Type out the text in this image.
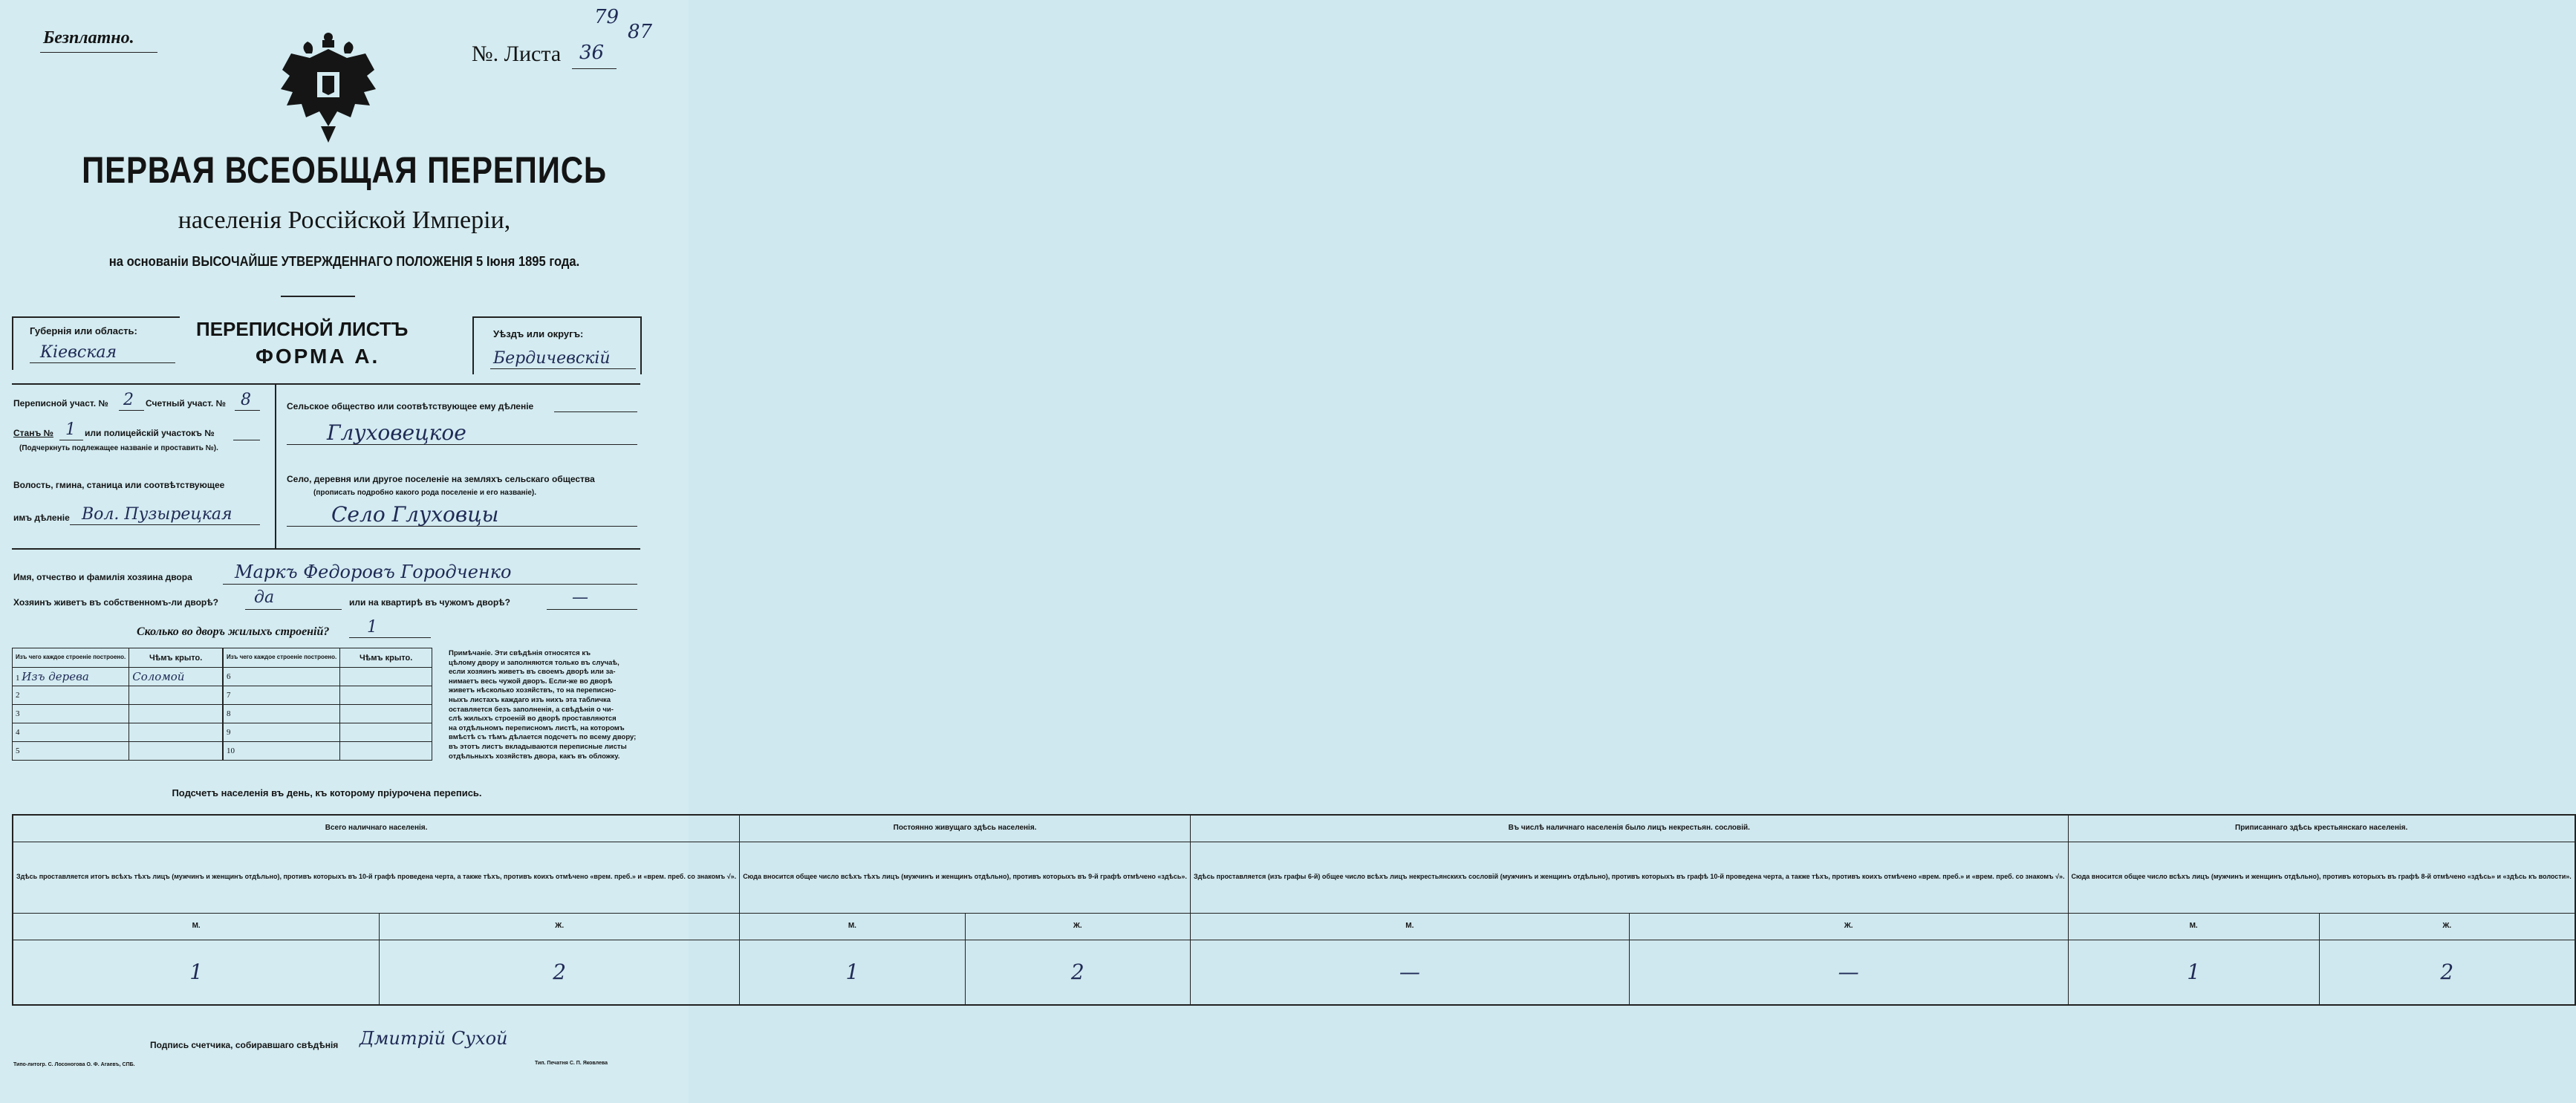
Безплатно.
№. Листа 36
79
87
ПЕРВАЯ ВСЕОБЩАЯ ПЕРЕПИСЬ
населенія Россійской Имперіи,
на основаніи ВЫСОЧАЙШЕ УТВЕРЖДЕННАГО ПОЛОЖЕНІЯ 5 Іюня 1895 года.
Губернія или область:
Кіевская
ПЕРЕПИСНОЙ ЛИСТЪ
ФОРМА А.
Уѣздъ или округъ:
Бердичевскій
Переписной участ. № 2 Счетный участ. № 8
Станъ № 1 или полицейскій участокъ №
(Подчеркнуть подлежащее названіе и проставить №).
Волость, гмина, станица или соотвѣтствующее
имъ дѣленіе Вол. Пузырецкая
Сельское общество или соотвѣтствующее ему дѣленіе
Глуховецкое
Село, деревня или другое поселеніе на земляхъ сельскаго общества
(прописать подробно какого рода поселеніе и его названіе).
Село Глуховцы
Имя, отчество и фамилія хозяина двора Маркъ Федоровъ Городченко
Хозяинъ живетъ въ собственномъ-ли дворѣ? да	или на квартирѣ въ чужомъ дворѣ?	—
Сколько во дворъ жилыхъ строеній? 1
Изъ чего каждое строеніе построено.	Чѣмъ крыто.
1 Изъ дерева	Соломой
2	
3	
4	
5	
Изъ чего каждое строеніе построено.	Чѣмъ крыто.
6	
7	
8	
9	
10	
Примѣчаніе. Эти свѣдѣнія относятся къ
цѣлому двору и заполняются только въ случаѣ,
если хозяинъ живетъ въ своемъ дворѣ или за-
нимаетъ весь чужой дворъ. Если-же во дворѣ
живетъ нѣсколько хозяйствъ, то на переписно-
ныхъ листахъ каждаго изъ нихъ эта табличка
оставляется безъ заполненія, а свѣдѣнія о чи-
слѣ жилыхъ строеній во дворѣ проставляются
на отдѣльномъ переписномъ листѣ, на которомъ
вмѣстѣ съ тѣмъ дѣлается подсчетъ по всему двору;
въ этотъ листъ вкладываются переписные листы
отдѣльныхъ хозяйствъ двора, какъ въ обложку.
Подсчетъ населенія въ день, къ которому пріурочена перепись.
Всего наличнаго населенія.		Постоянно живущаго здѣсь населенія.		Въ числѣ наличнаго населенія было лицъ некрестьян. сословій.		Приписаннаго здѣсь крестьянскаго населенія.	
Здѣсь проставляется итогъ всѣхъ тѣхъ лицъ (мужчинъ и женщинъ отдѣльно), противъ которыхъ въ 10-й графѣ проведена черта, а также тѣхъ, противъ коихъ отмѣчено «врем. преб.» и «врем. преб. со знакомъ √».		Сюда вносится общее число всѣхъ тѣхъ лицъ (мужчинъ и женщинъ отдѣльно), противъ которыхъ въ 9-й графѣ отмѣчено «здѣсь».		Здѣсь проставляется (изъ графы 6-й) общее число всѣхъ лицъ некрестьянскихъ сословій (мужчинъ и женщинъ отдѣльно), противъ которыхъ въ графѣ 10-й проведена черта, а также тѣхъ, противъ коихъ отмѣчено «врем. преб.» и «врем. преб. со знакомъ √».		Сюда вносится общее число всѣхъ лицъ (мужчинъ и женщинъ отдѣльно), противъ которыхъ въ графѣ 8-й отмѣчено «здѣсь» и «здѣсь къ волости».	
М.	Ж.	М.	Ж.	М.	Ж.	М.	Ж.
1	2	1	2	—	—	1	2
Подпись счетчика, собиравшаго свѣдѣнія Дмитрій Сухой
Типо-литогр. С. Лосоногова О. Ф. Агаевъ, СПБ.	Тип. Печатня С. П. Яковлева
